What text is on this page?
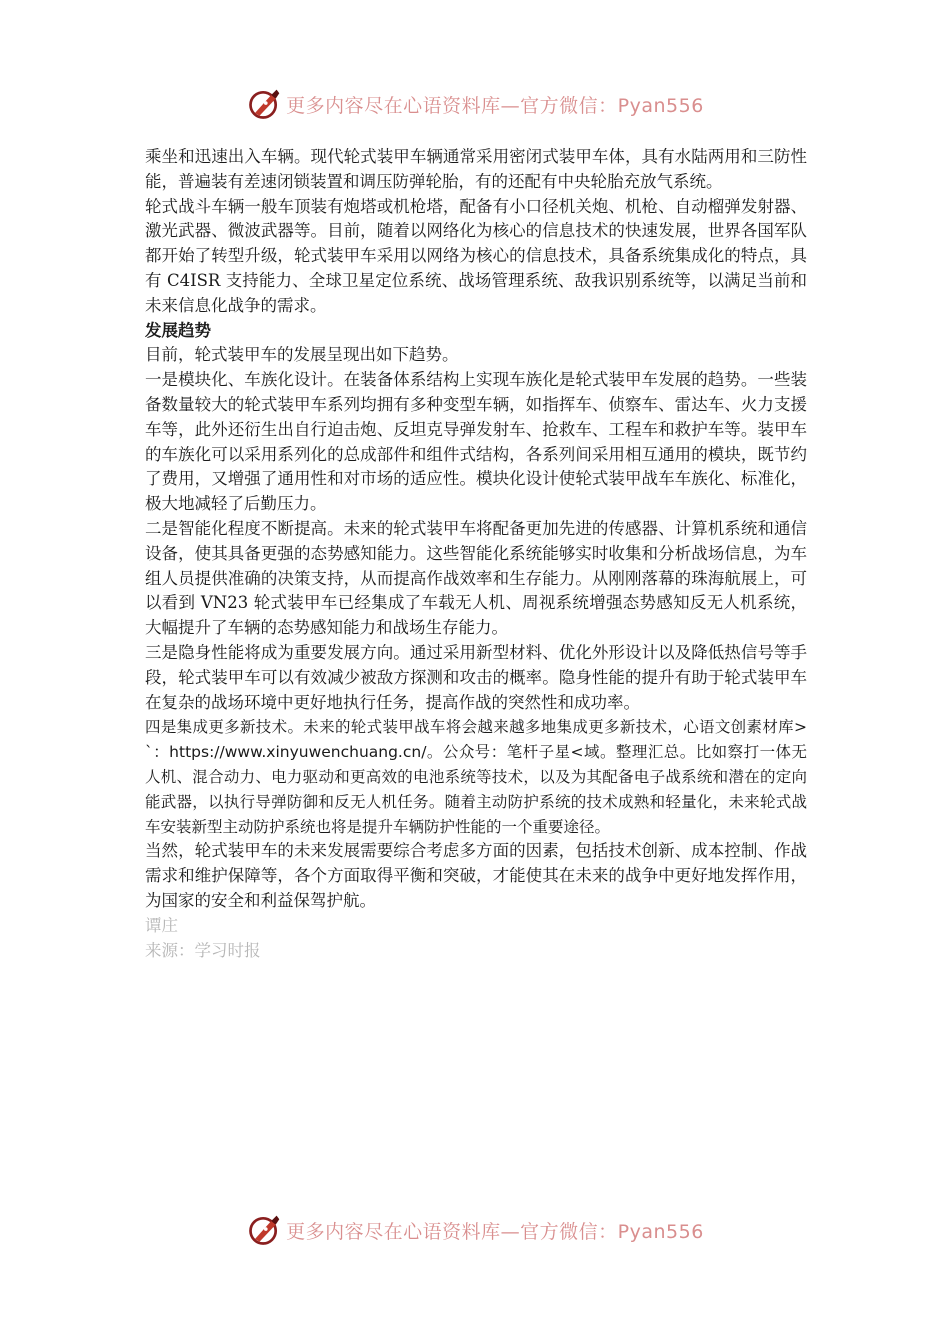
更多内容尽在心语资料库—官方微信：Pyan556

乘坐和迅速出入车辆。现代轮式装甲车辆通常采用密闭式装甲车体，具有水陆两用和三防性能，普遍装有差速闭锁装置和调压防弹轮胎，有的还配有中央轮胎充放气系统。

轮式战斗车辆一般车顶装有炮塔或机枪塔，配备有小口径机关炮、机枪、自动榴弹发射器、激光武器、微波武器等。目前，随着以网络化为核心的信息技术的快速发展，世界各国军队都开始了转型升级，轮式装甲车采用以网络为核心的信息技术，具备系统集成化的特点，具有 C4ISR 支持能力、全球卫星定位系统、战场管理系统、敌我识别系统等，以满足当前和未来信息化战争的需求。

发展趋势

目前，轮式装甲车的发展呈现出如下趋势。

一是模块化、车族化设计。在装备体系结构上实现车族化是轮式装甲车发展的趋势。一些装备数量较大的轮式装甲车系列均拥有多种变型车辆，如指挥车、侦察车、雷达车、火力支援车等，此外还衍生出自行迫击炮、反坦克导弹发射车、抢救车、工程车和救护车等。装甲车的车族化可以采用系列化的总成部件和组件式结构，各系列间采用相互通用的模块，既节约了费用，又增强了通用性和对市场的适应性。模块化设计使轮式装甲战车车族化、标准化，极大地减轻了后勤压力。

二是智能化程度不断提高。未来的轮式装甲车将配备更加先进的传感器、计算机系统和通信设备，使其具备更强的态势感知能力。这些智能化系统能够实时收集和分析战场信息，为车组人员提供准确的决策支持，从而提高作战效率和生存能力。从刚刚落幕的珠海航展上，可以看到 VN23 轮式装甲车已经集成了车载无人机、周视系统增强态势感知反无人机系统，大幅提升了车辆的态势感知能力和战场生存能力。

三是隐身性能将成为重要发展方向。通过采用新型材料、优化外形设计以及降低热信号等手段，轮式装甲车可以有效减少被敌方探测和攻击的概率。隐身性能的提升有助于轮式装甲车在复杂的战场环境中更好地执行任务，提高作战的突然性和成功率。

四是集成更多新技术。未来的轮式装甲战车将会越来越多地集成更多新技术，心语文创素材库>`：https://www.xinyuwenchuang.cn/。公众号：笔杆子星<域。整理汇总。比如察打一体无人机、混合动力、电力驱动和更高效的电池系统等技术，以及为其配备电子战系统和潜在的定向能武器，以执行导弹防御和反无人机任务。随着主动防护系统的技术成熟和轻量化，未来轮式战车安装新型主动防护系统也将是提升车辆防护性能的一个重要途径。

当然，轮式装甲车的未来发展需要综合考虑多方面的因素，包括技术创新、成本控制、作战需求和维护保障等，各个方面取得平衡和突破，才能使其在未来的战争中更好地发挥作用，为国家的安全和利益保驾护航。

谭庄

来源：学习时报

更多内容尽在心语资料库—官方微信：Pyan556
